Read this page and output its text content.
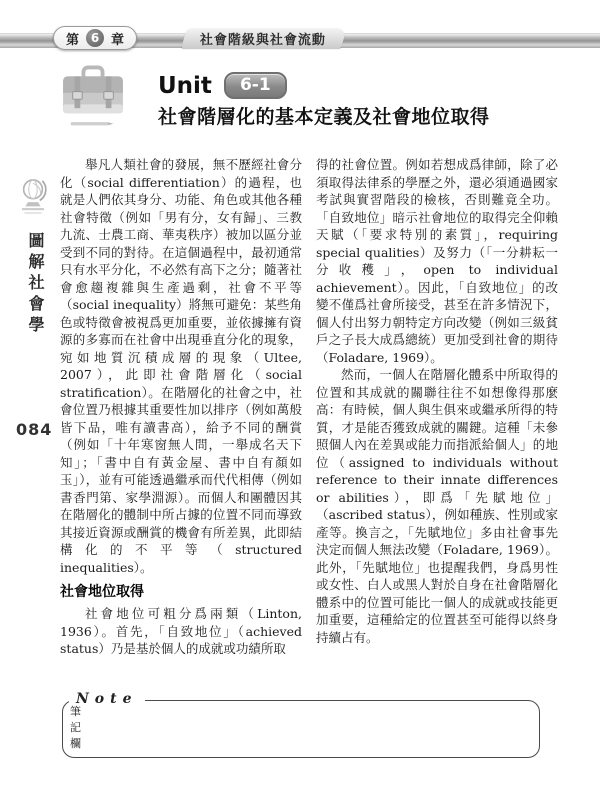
第 6 章	社會階級與社會流動
Unit	6-1
社會階層化的基本定義及社會地位取得
圖解社會學
084

舉凡人類社會的發展，無不歷經社會分化（social differentiation）的過程，也就是人們依其身分、功能、角色或其他各種社會特徵（例如「男有分，女有歸」、三教九流、士農工商、華夷秩序）被加以區分並受到不同的對待。在這個過程中，最初通常只有水平分化，不必然有高下之分；隨著社會愈趨複雜與生產過剩，社會不平等（social inequality）將無可避免：某些角色或特徵會被視爲更加重要，並依據擁有資源的多寡而在社會中出現垂直分化的現象，宛如地質沉積成層的現象（Ultee, 2007），此即社會階層化（social stratification）。在階層化的社會之中，社會位置乃根據其重要性加以排序（例如萬般皆下品，唯有讀書高），給予不同的酬賞（例如「十年寒窗無人問，一舉成名天下知」；「書中自有黃金屋、書中自有顏如玉」），並有可能透過繼承而代代相傳（例如書香門第、家學淵源）。而個人和團體因其在階層化的體制中所占據的位置不同而導致其接近資源或酬賞的機會有所差異，此即結構化的不平等（structured inequalities）。

社會地位取得

社會地位可粗分爲兩類（Linton, 1936）。首先，「自致地位」（achieved status）乃是基於個人的成就或功績所取

得的社會位置。例如若想成爲律師，除了必須取得法律系的學歷之外，還必須通過國家考試與實習階段的檢核，否則難竟全功。「自致地位」暗示社會地位的取得完全仰賴天賦（「要求特別的素質」，requiring special qualities）及努力（「一分耕耘一分收穫」，open to individual achievement）。因此，「自致地位」的改變不僅爲社會所接受，甚至在許多情況下，個人付出努力朝特定方向改變（例如三級貧戶之子長大成爲總統）更加受到社會的期待（Foladare, 1969）。

然而，一個人在階層化體系中所取得的位置和其成就的關聯往往不如想像得那麼高：有時候，個人與生俱來或繼承所得的特質，才是能否獲致成就的關鍵。這種「未參照個人內在差異或能力而指派給個人」的地位（assigned to individuals without reference to their innate differences or abilities），即爲「先賦地位」（ascribed status），例如種族、性別或家產等。換言之，「先賦地位」多由社會事先決定而個人無法改變（Foladare, 1969）。此外，「先賦地位」也提醒我們，身爲男性或女性、白人或黑人對於自身在社會階層化體系中的位置可能比一個人的成就或技能更加重要，這種給定的位置甚至可能得以終身持續占有。

Note
筆
記
欄
